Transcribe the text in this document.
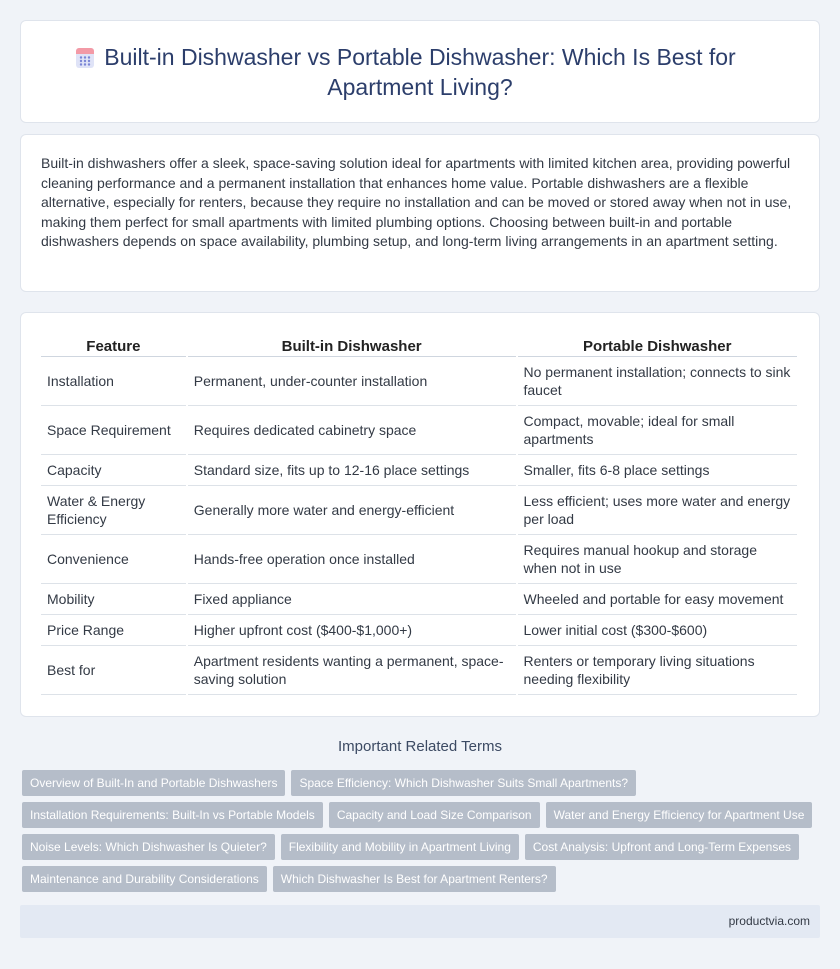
Built-in Dishwasher vs Portable Dishwasher: Which Is Best for Apartment Living?

Built-in dishwashers offer a sleek, space-saving solution ideal for apartments with limited kitchen area, providing powerful cleaning performance and a permanent installation that enhances home value. Portable dishwashers are a flexible alternative, especially for renters, because they require no installation and can be moved or stored away when not in use, making them perfect for small apartments with limited plumbing options. Choosing between built-in and portable dishwashers depends on space availability, plumbing setup, and long-term living arrangements in an apartment setting.

Feature	Built-in Dishwasher	Portable Dishwasher
Installation	Permanent, under-counter installation	No permanent installation; connects to sink faucet
Space Requirement	Requires dedicated cabinetry space	Compact, movable; ideal for small apartments
Capacity	Standard size, fits up to 12-16 place settings	Smaller, fits 6-8 place settings
Water & Energy Efficiency	Generally more water and energy-efficient	Less efficient; uses more water and energy per load
Convenience	Hands-free operation once installed	Requires manual hookup and storage when not in use
Mobility	Fixed appliance	Wheeled and portable for easy movement
Price Range	Higher upfront cost ($400-$1,000+)	Lower initial cost ($300-$600)
Best for	Apartment residents wanting a permanent, space-saving solution	Renters or temporary living situations needing flexibility
Important Related Terms
Overview of Built-In and Portable Dishwashers	Space Efficiency: Which Dishwasher Suits Small Apartments?
Installation Requirements: Built-In vs Portable Models	Capacity and Load Size Comparison	Water and Energy Efficiency for Apartment Use
Noise Levels: Which Dishwasher Is Quieter?	Flexibility and Mobility in Apartment Living	Cost Analysis: Upfront and Long-Term Expenses
Maintenance and Durability Considerations	Which Dishwasher Is Best for Apartment Renters?
productvia.com
